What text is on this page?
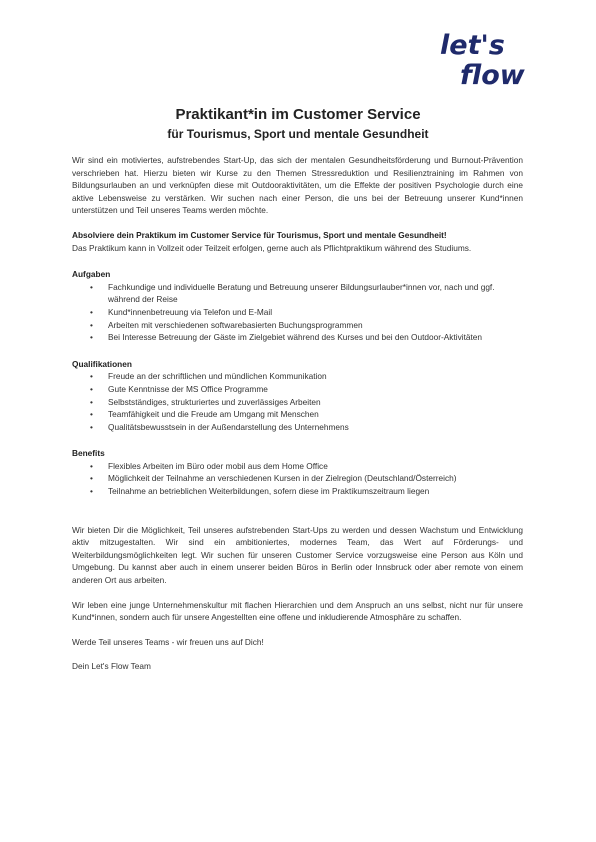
let's
flow
Praktikant*in im Customer Service
für Tourismus, Sport und mentale Gesundheit

Wir sind ein motiviertes, aufstrebendes Start-Up, das sich der mentalen Gesundheitsförderung und Burnout-Prävention verschrieben hat. Hierzu bieten wir Kurse zu den Themen Stressreduktion und Resilienztraining im Rahmen von Bildungsurlauben an und verknüpfen diese mit Outdooraktivitäten, um die Effekte der positiven Psychologie durch eine aktive Lebensweise zu verstärken. Wir suchen nach einer Person, die uns bei der Betreuung unserer Kund*innen unterstützen und Teil unseres Teams werden möchte.

Absolviere dein Praktikum im Customer Service für Tourismus, Sport und mentale Gesundheit!

Das Praktikum kann in Vollzeit oder Teilzeit erfolgen, gerne auch als Pflichtpraktikum während des Studiums.

Aufgaben

• Fachkundige und individuelle Beratung und Betreuung unserer Bildungsurlauber*innen vor, nach und ggf. während der Reise
• Kund*innenbetreuung via Telefon und E-Mail
• Arbeiten mit verschiedenen softwarebasierten Buchungsprogrammen
• Bei Interesse Betreuung der Gäste im Zielgebiet während des Kurses und bei den Outdoor-Aktivitäten

Qualifikationen

• Freude an der schriftlichen und mündlichen Kommunikation
• Gute Kenntnisse der MS Office Programme
• Selbstständiges, strukturiertes und zuverlässiges Arbeiten
• Teamfähigkeit und die Freude am Umgang mit Menschen
• Qualitätsbewusstsein in der Außendarstellung des Unternehmens

Benefits

• Flexibles Arbeiten im Büro oder mobil aus dem Home Office
• Möglichkeit der Teilnahme an verschiedenen Kursen in der Zielregion (Deutschland/Österreich)
• Teilnahme an betrieblichen Weiterbildungen, sofern diese im Praktikumszeitraum liegen

Wir bieten Dir die Möglichkeit, Teil unseres aufstrebenden Start-Ups zu werden und dessen Wachstum und Entwicklung aktiv mitzugestalten. Wir sind ein ambitioniertes, modernes Team, das Wert auf Förderungs- und Weiterbildungsmöglichkeiten legt. Wir suchen für unseren Customer Service vorzugsweise eine Person aus Köln und Umgebung. Du kannst aber auch in einem unserer beiden Büros in Berlin oder Innsbruck oder aber remote von einem anderen Ort aus arbeiten.

Wir leben eine junge Unternehmenskultur mit flachen Hierarchien und dem Anspruch an uns selbst, nicht nur für unsere Kund*innen, sondern auch für unsere Angestellten eine offene und inkludierende Atmosphäre zu schaffen.

Werde Teil unseres Teams - wir freuen uns auf Dich!

Dein Let's Flow Team
